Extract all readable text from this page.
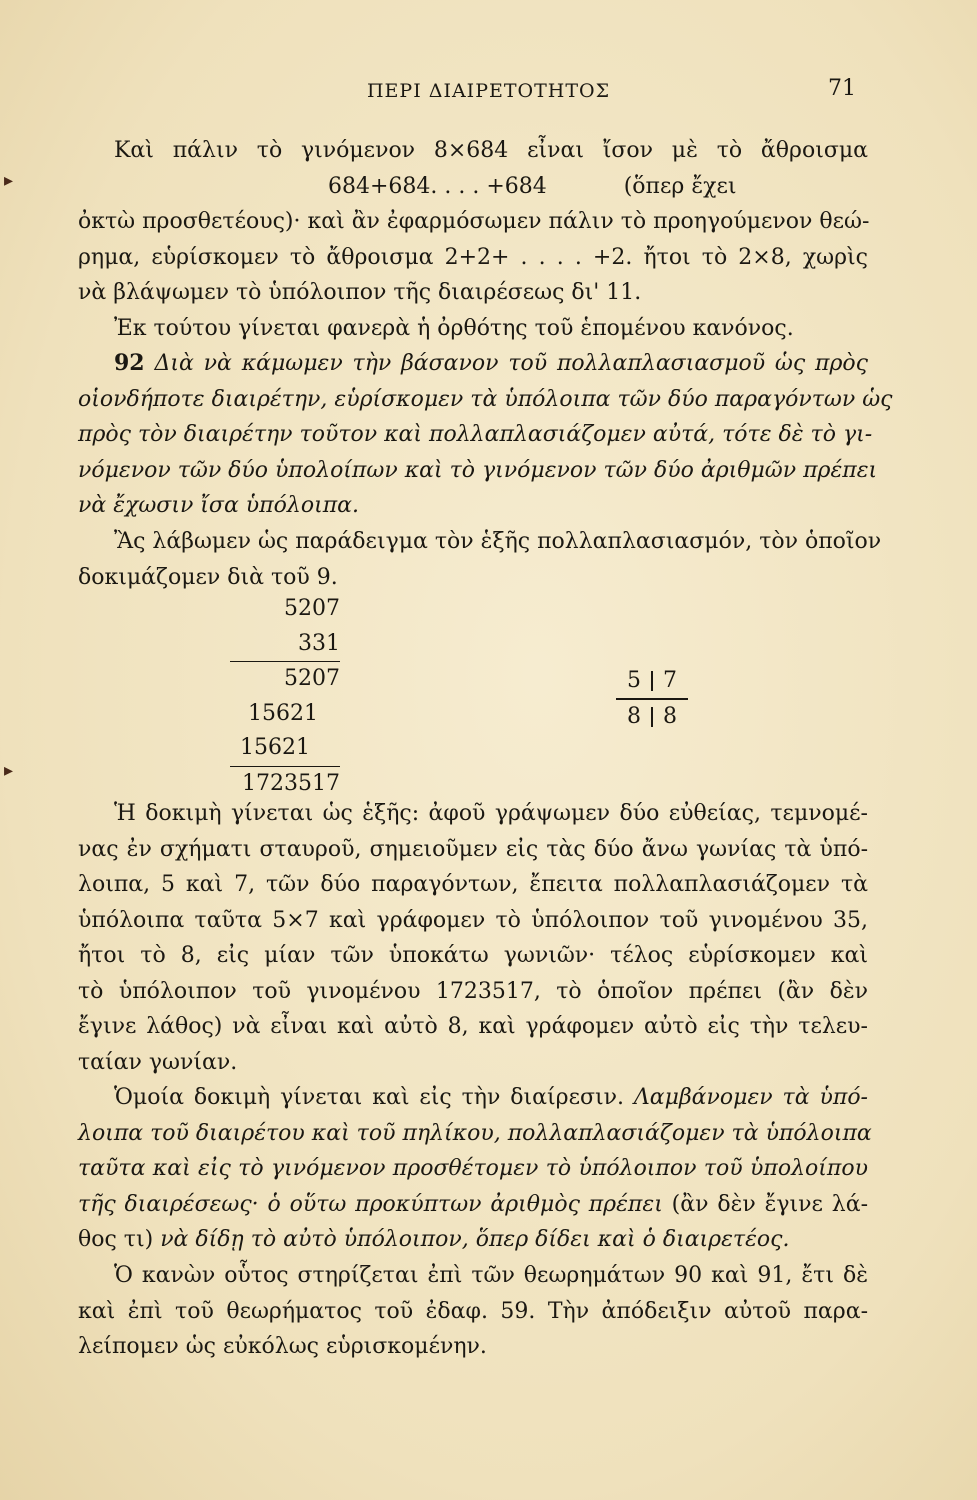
ΠΕΡΙ ΔΙΑΙΡΕΤΟΤΗΤΟΣ	71
▸
▸
Καὶ πάλιν τὸ γινόμενον 8⨯684 εἶναι ἴσον μὲ τὸ ἄθροισμα
684+684. . . . +684           (ὅπερ ἔχει
ὀκτὼ προσθετέους)· καὶ ἂν ἐφαρμόσωμεν πάλιν τὸ προηγούμενον θεώ-
ρημα, εὑρίσκομεν τὸ ἄθροισμα 2+2+ . . . . +2. ἤτοι τὸ 2⨯8, χωρὶς
νὰ βλάψωμεν τὸ ὑπόλοιπον τῆς διαιρέσεως δι' 11.
Ἐκ τούτου γίνεται φανερὰ ἡ ὀρθότης τοῦ ἑπομένου κανόνος.
92 Διὰ νὰ κάμωμεν τὴν βάσανον τοῦ πολλαπλασιασμοῦ ὡς πρὸς
οἱονδήποτε διαιρέτην, εὑρίσκομεν τὰ ὑπόλοιπα τῶν δύο παραγόντων ὡς
πρὸς τὸν διαιρέτην τοῦτον καὶ πολλαπλασιάζομεν αὐτά, τότε δὲ τὸ γι-
νόμενον τῶν δύο ὑπολοίπων καὶ τὸ γινόμενον τῶν δύο ἀριθμῶν πρέπει
νὰ ἔχωσιν ἴσα ὑπόλοιπα.
Ἂς λάβωμεν ὡς παράδειγμα τὸν ἑξῆς πολλαπλασιασμόν, τὸν ὁποῖον
δοκιμάζομεν διὰ τοῦ 9.
5207
331
5207
15621
15621
1723517
5	7
8	8
Ἡ δοκιμὴ γίνεται ὡς ἑξῆς: ἀφοῦ γράψωμεν δύο εὐθείας, τεμνομέ-
νας ἐν σχήματι σταυροῦ, σημειοῦμεν εἰς τὰς δύο ἄνω γωνίας τὰ ὑπό-
λοιπα, 5 καὶ 7, τῶν δύο παραγόντων, ἔπειτα πολλαπλασιάζομεν τὰ
ὑπόλοιπα ταῦτα 5⨯7 καὶ γράφομεν τὸ ὑπόλοιπον τοῦ γινομένου 35,
ἤτοι τὸ 8, εἰς μίαν τῶν ὑποκάτω γωνιῶν· τέλος εὑρίσκομεν καὶ
τὸ ὑπόλοιπον τοῦ γινομένου 1723517, τὸ ὁποῖον πρέπει (ἂν δὲν
ἔγινε λάθος) νὰ εἶναι καὶ αὐτὸ 8, καὶ γράφομεν αὐτὸ εἰς τὴν τελευ-
ταίαν γωνίαν.
Ὁμοία δοκιμὴ γίνεται καὶ εἰς τὴν διαίρεσιν. Λαμβάνομεν τὰ ὑπό-
λοιπα τοῦ διαιρέτου καὶ τοῦ πηλίκου, πολλαπλασιάζομεν τὰ ὑπόλοιπα
ταῦτα καὶ εἰς τὸ γινόμενον προσθέτομεν τὸ ὑπόλοιπον τοῦ ὑπολοίπου
τῆς διαιρέσεως· ὁ οὕτω προκύπτων ἀριθμὸς πρέπει (ἂν δὲν ἔγινε λά-
θος τι) νὰ δίδῃ τὸ αὐτὸ ὑπόλοιπον, ὅπερ δίδει καὶ ὁ διαιρετέος.
Ὁ κανὼν οὗτος στηρίζεται ἐπὶ τῶν θεωρημάτων 90 καὶ 91, ἔτι δὲ
καὶ ἐπὶ τοῦ θεωρήματος τοῦ ἐδαφ. 59. Τὴν ἀπόδειξιν αὐτοῦ παρα-
λείπομεν ὡς εὐκόλως εὑρισκομένην.
